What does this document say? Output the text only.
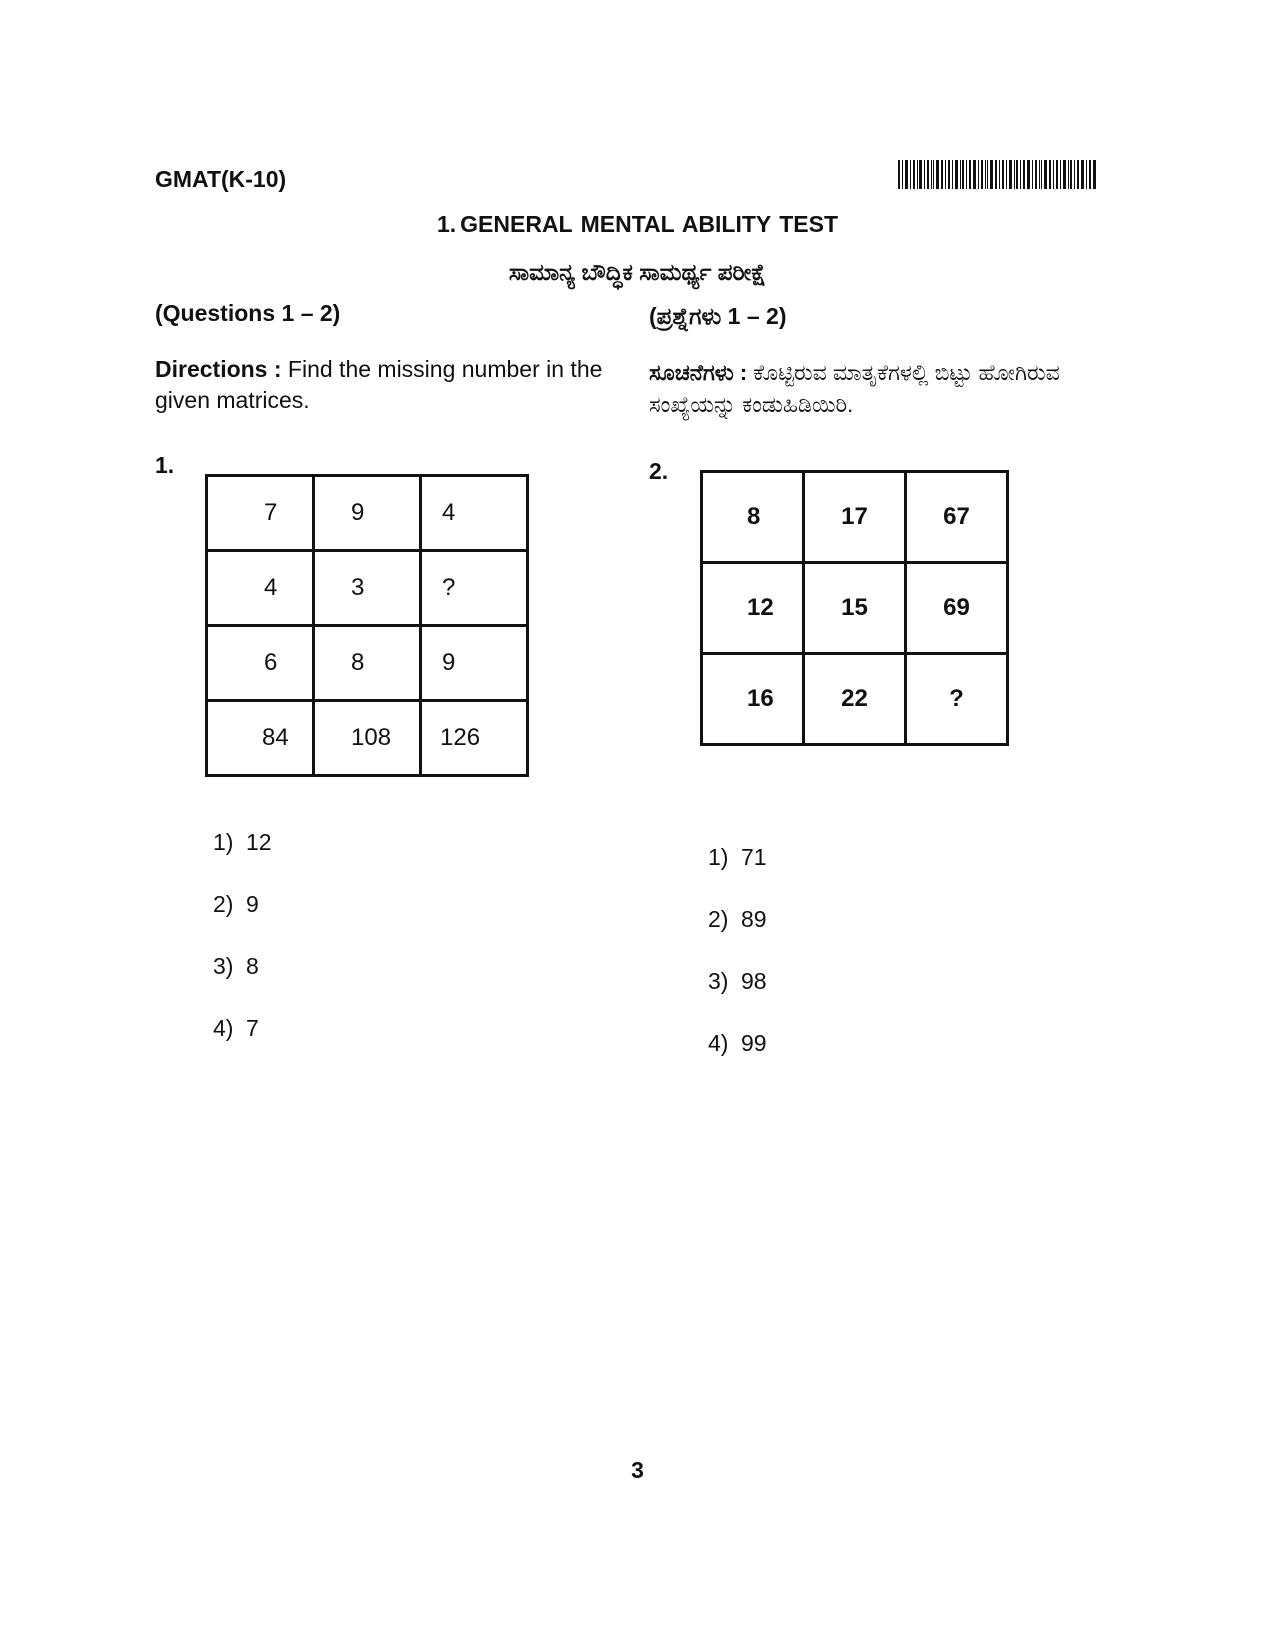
GMAT(K-10)
1. GENERAL MENTAL ABILITY TEST
ಸಾಮಾನ್ಯ ಬೌದ್ಧಿಕ ಸಾಮರ್ಥ್ಯ ಪರೀಕ್ಷೆ
(Questions 1 – 2)	(ಪ್ರಶ್ನೆಗಳು 1 – 2)
Directions : Find the missing number in the given matrices.
ಸೂಚನೆಗಳು : ಕೊಟ್ಟಿರುವ ಮಾತೃಕೆಗಳಲ್ಲಿ ಬಿಟ್ಟು ಹೋಗಿರುವ ಸಂಖ್ಯೆಯನ್ನು ಕಂಡುಹಿಡಿಯಿರಿ.
1.
7	9	4
4	3	?
6	8	9
84	108	126
1) 12
2) 9
3) 8
4) 7
2.
8	17	67
12	15	69
16	22	?
1) 71
2) 89
3) 98
4) 99
3
